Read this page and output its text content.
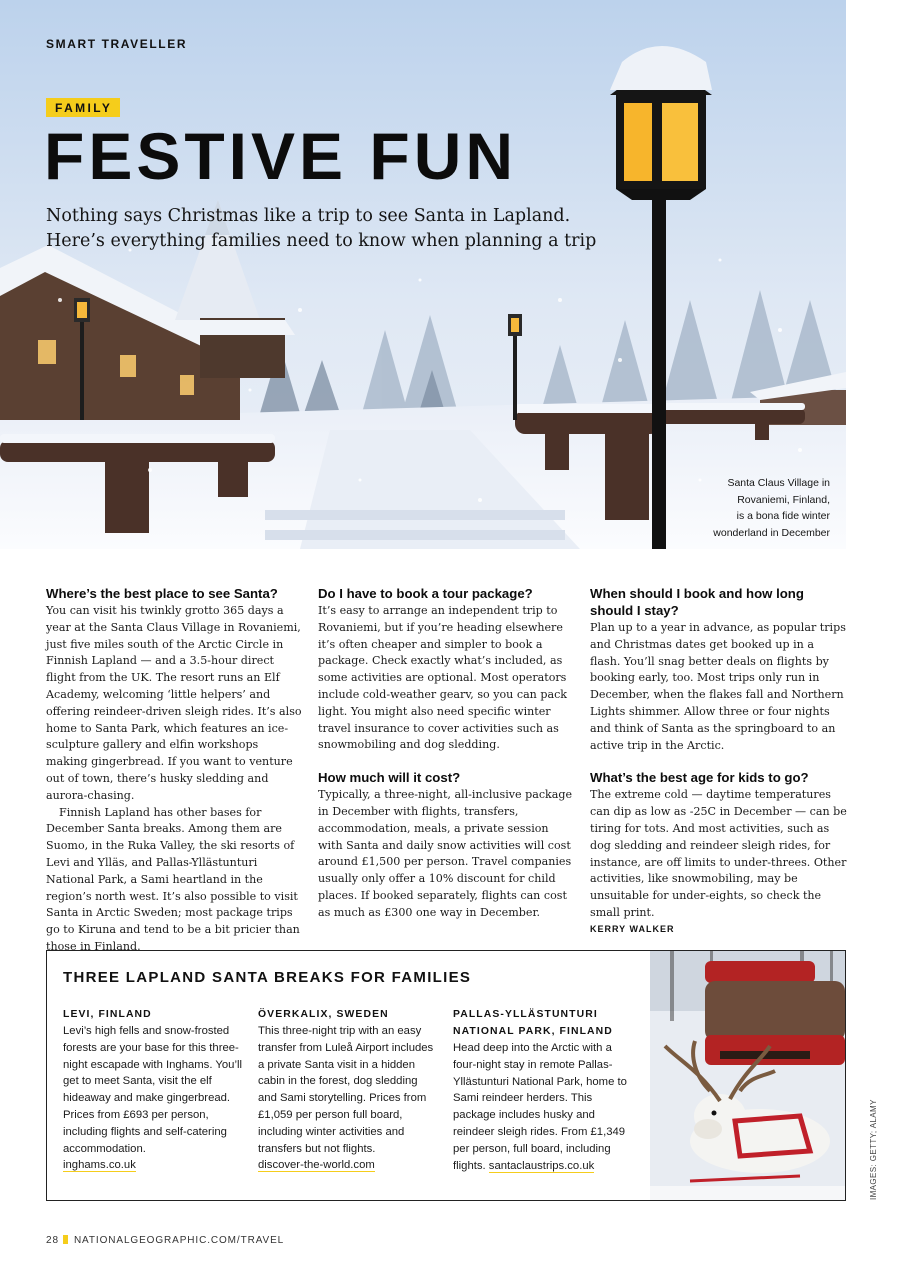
SMART TRAVELLER
FAMILY
FESTIVE FUN
Nothing says Christmas like a trip to see Santa in Lapland.
Here’s everything families need to know when planning a trip
Santa Claus Village in
Rovaniemi, Finland,
is a bona fide winter
wonderland in December
Where’s the best place to see Santa?

You can visit his twinkly grotto 365 days a year at the Santa Claus Village in Rovaniemi, just five miles south of the Arctic Circle in Finnish Lapland — and a 3.5-hour direct flight from the UK. The resort runs an Elf Academy, welcoming ‘little helpers’ and offering reindeer-driven sleigh rides. It’s also home to Santa Park, which features an ice-sculpture gallery and elfin workshops making gingerbread. If you want to venture out of town, there’s husky sledding and aurora-chasing.

Finnish Lapland has other bases for December Santa breaks. Among them are Suomo, in the Ruka Valley, the ski resorts of Levi and Ylläs, and Pallas-Yllästunturi National Park, a Sami heartland in the region’s north west. It’s also possible to visit Santa in Arctic Sweden; most package trips go to Kiruna and tend to be a bit pricier than those in Finland.

Do I have to book a tour package?

It’s easy to arrange an independent trip to Rovaniemi, but if you’re heading elsewhere it’s often cheaper and simpler to book a package. Check exactly what’s included, as some activities are optional. Most operators include cold-weather gearv, so you can pack light. You might also need specific winter travel insurance to cover activities such as snowmobiling and dog sledding.

How much will it cost?

Typically, a three-night, all-inclusive package in December with flights, transfers, accommodation, meals, a private session with Santa and daily snow activities will cost around £1,500 per person. Travel companies usually only offer a 10% discount for child places. If booked separately, flights can cost as much as £300 one way in December.

When should I book and how long should I stay?

Plan up to a year in advance, as popular trips and Christmas dates get booked up in a flash. You’ll snag better deals on flights by booking early, too. Most trips only run in December, when the flakes fall and Northern Lights shimmer. Allow three or four nights and think of Santa as the springboard to an active trip in the Arctic.

What’s the best age for kids to go?

The extreme cold — daytime temperatures can dip as low as -25C in December — can be tiring for tots. And most activities, such as dog sledding and reindeer sleigh rides, for instance, are off limits to under-threes. Other activities, like snowmobiling, may be unsuitable for under-eights, so check the small print.

KERRY WALKER
THREE LAPLAND SANTA BREAKS FOR FAMILIES
LEVI, FINLAND
Levi’s high fells and snow-frosted forests are your base for this three-night escapade with Inghams. You’ll get to meet Santa, visit the elf hideaway and make gingerbread. Prices from £693 per person, including flights and self-catering accommodation.
inghams.co.uk
ÖVERKALIX, SWEDEN
This three-night trip with an easy transfer from Luleå Airport includes a private Santa visit in a hidden cabin in the forest, dog sledding and Sami storytelling. Prices from £1,059 per person full board, including winter activities and transfers but not flights.
discover-the-world.com
PALLAS-YLLÄSTUNTURI NATIONAL PARK, FINLAND
Head deep into the Arctic with a four-night stay in remote Pallas-Yllästunturi National Park, home to Sami reindeer herders. This package includes husky and reindeer sleigh rides. From £1,349 per person, full board, including flights. santaclaustrips.co.uk	IMAGES: GETTY; ALAMY
28 NATIONALGEOGRAPHIC.COM/TRAVEL
